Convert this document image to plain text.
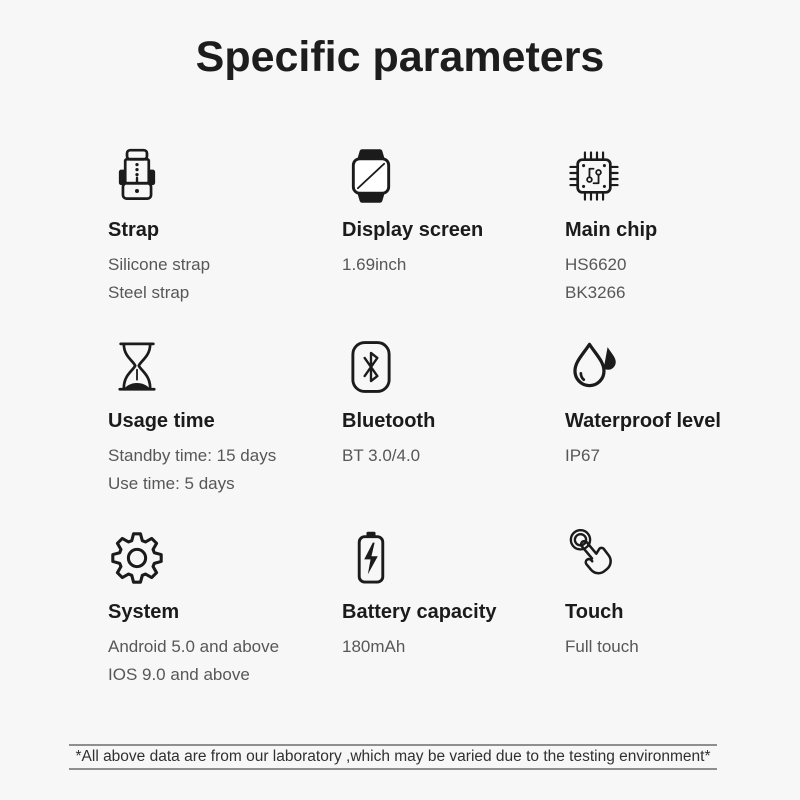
Specific parameters
Strap
Silicone strap
Steel strap
Display screen
1.69inch
Main chip
HS6620
BK3266
Usage time
Standby time: 15 days
Use time: 5 days
Bluetooth
BT 3.0/4.0
Waterproof level
IP67
System
Android 5.0 and above
IOS 9.0 and above
Battery capacity
180mAh
Touch
Full touch
*All above data are from our laboratory ,which may be varied due to the testing environment*
